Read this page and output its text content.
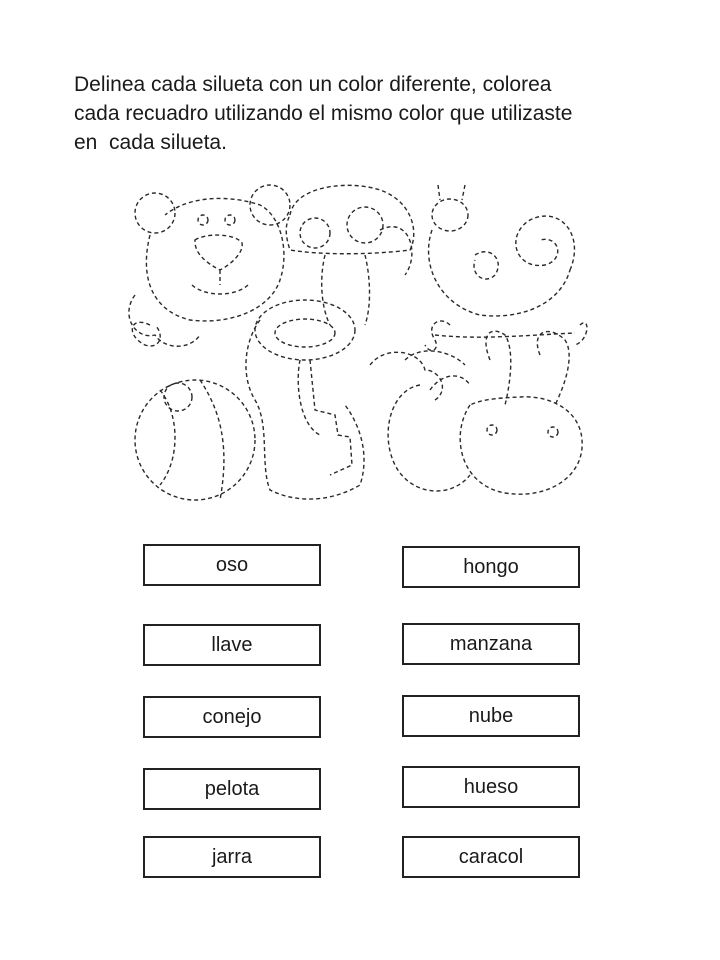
Delinea cada silueta con un color diferente, colorea
cada recuadro utilizando el mismo color que utilizaste
en  cada silueta.
oso
llave
conejo
pelota
jarra
hongo
manzana
nube
hueso
caracol
